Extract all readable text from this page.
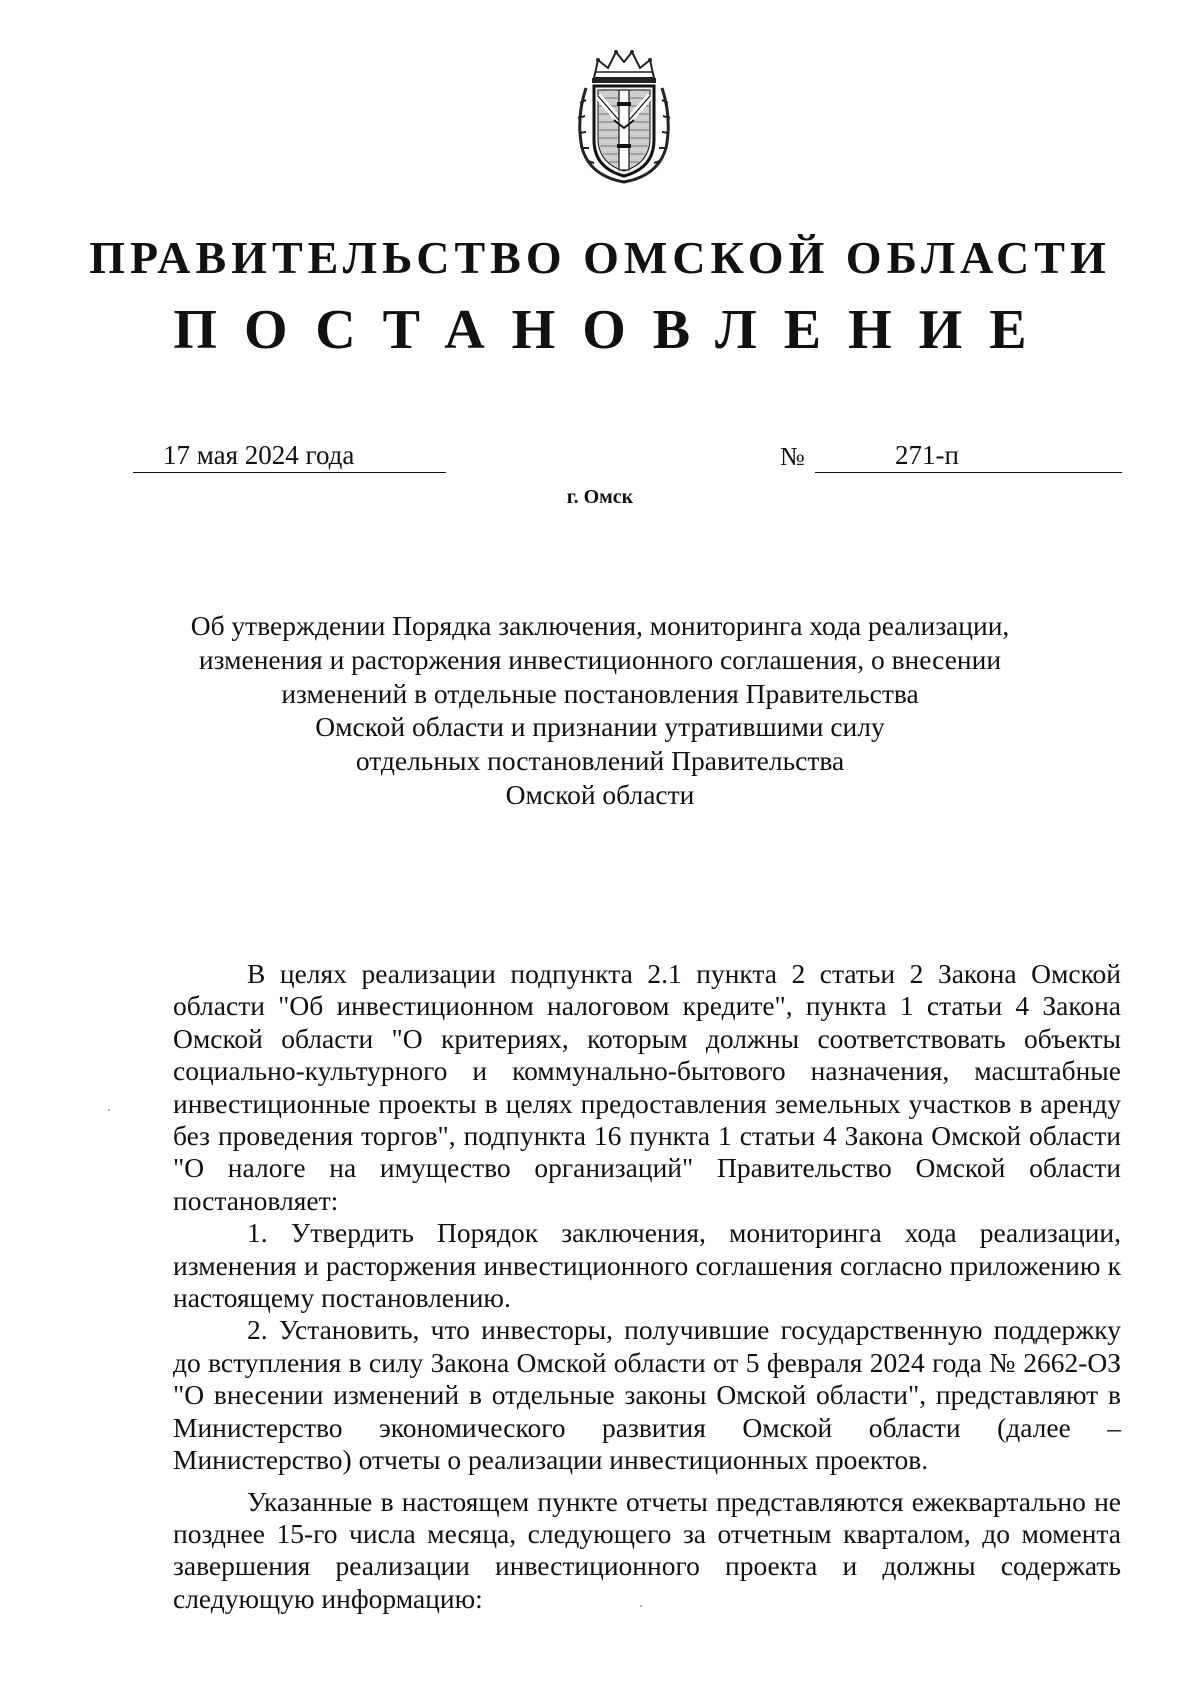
ПРАВИТЕЛЬСТВО ОМСКОЙ ОБЛАСТИ
ПОСТАНОВЛЕНИЕ
17 мая 2024 года	№	271-п
г. Омск
Об утверждении Порядка заключения, мониторинга хода реализации,
изменения и расторжения инвестиционного соглашения, о внесении
изменений в отдельные постановления Правительства
Омской области и признании утратившими силу
отдельных постановлений Правительства
Омской области

В целях реализации подпункта 2.1 пункта 2 статьи 2 Закона Омской области "Об инвестиционном налоговом кредите", пункта 1 статьи 4 Закона Омской области "О критериях, которым должны соответствовать объекты социально-культурного и коммунально-бытового назначения, масштабные инвестиционные проекты в целях предоставления земельных участков в аренду без проведения торгов", подпункта 16 пункта 1 статьи 4 Закона Омской области "О налоге на имущество организаций" Правительство Омской области постановляет:

1. Утвердить Порядок заключения, мониторинга хода реализации, изменения и расторжения инвестиционного соглашения согласно приложению к настоящему постановлению.

2. Установить, что инвесторы, получившие государственную поддержку до вступления в силу Закона Омской области от 5 февраля 2024 года № 2662-ОЗ "О внесении изменений в отдельные законы Омской области", представляют в Министерство экономического развития Омской области (далее – Министерство) отчеты о реализации инвестиционных проектов.

Указанные в настоящем пункте отчеты представляются ежеквартально не позднее 15-го числа месяца, следующего за отчетным кварталом, до момента завершения реализации инвестиционного проекта и должны содержать следующую информацию:
